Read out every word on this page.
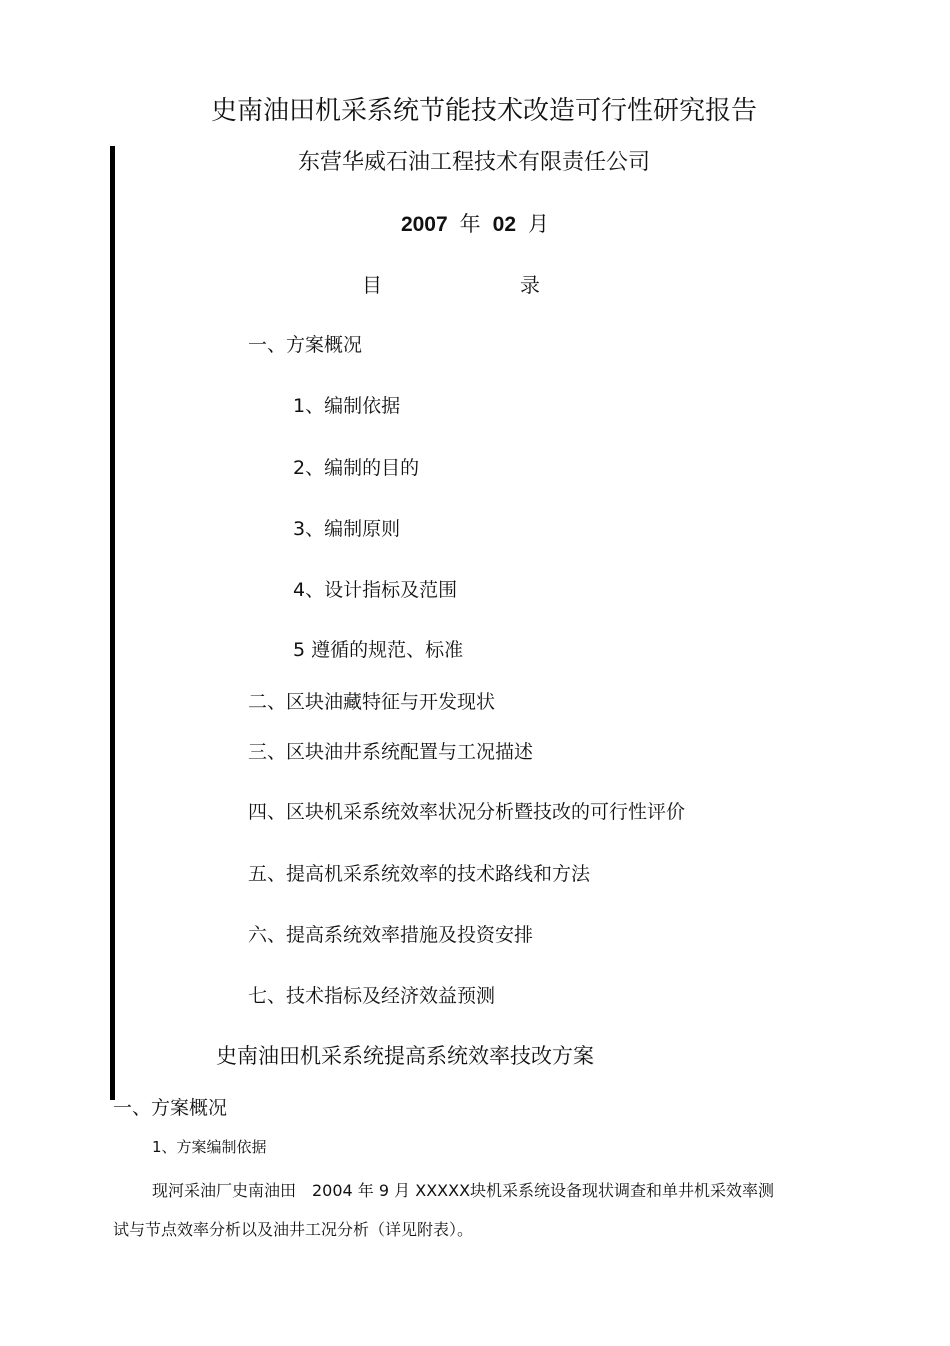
史南油田机采系统节能技术改造可行性研究报告
东营华威石油工程技术有限责任公司
2007 年 02 月
目	录
一、方案概况
1、编制依据
2、编制的目的
3、编制原则
4、设计指标及范围
5 遵循的规范、标准
二、区块油藏特征与开发现状
三、区块油井系统配置与工况描述
四、区块机采系统效率状况分析暨技改的可行性评价
五、提高机采系统效率的技术路线和方法
六、提高系统效率措施及投资安排
七、技术指标及经济效益预测
史南油田机采系统提高系统效率技改方案
一、方案概况
1、方案编制依据
现河采油厂史南油田　2004 年 9 月 XXXXX块机采系统设备现状调查和单井机采效率测
试与节点效率分析以及油井工况分析（详见附表）。
